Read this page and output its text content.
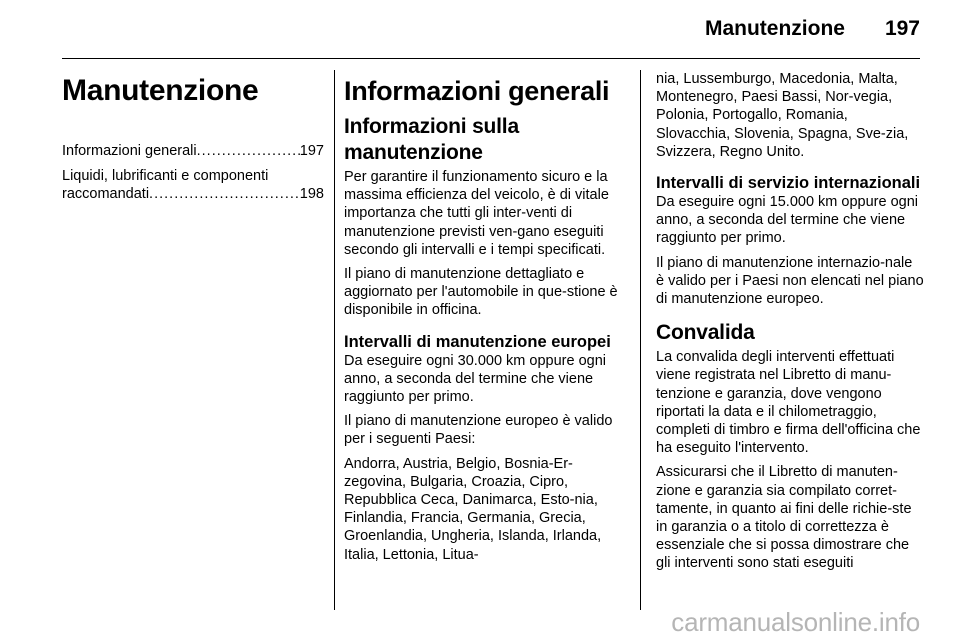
Manutenzione 197
Manutenzione
Informazioni generali .....	197
Liquidi, lubrificanti e componenti
raccomandati .....	198
Informazioni generali
Informazioni sulla manutenzione

Per garantire il funzionamento sicuro e la massima efficienza del veicolo, è di vitale importanza che tutti gli inter-venti di manutenzione previsti ven-gano eseguiti secondo gli intervalli e i tempi specificati.

Il piano di manutenzione dettagliato e aggiornato per l'automobile in que-stione è disponibile in officina.

Intervalli di manutenzione europei

Da eseguire ogni 30.000 km oppure ogni anno, a seconda del termine che viene raggiunto per primo.

Il piano di manutenzione europeo è valido per i seguenti Paesi:

Andorra, Austria, Belgio, Bosnia-Er-zegovina, Bulgaria, Croazia, Cipro, Repubblica Ceca, Danimarca, Esto-nia, Finlandia, Francia, Germania, Grecia, Groenlandia, Ungheria, Islanda, Irlanda, Italia, Lettonia, Litua-

nia, Lussemburgo, Macedonia, Malta, Montenegro, Paesi Bassi, Nor-vegia, Polonia, Portogallo, Romania, Slovacchia, Slovenia, Spagna, Sve-zia, Svizzera, Regno Unito.

Intervalli di servizio internazionali

Da eseguire ogni 15.000 km oppure ogni anno, a seconda del termine che viene raggiunto per primo.

Il piano di manutenzione internazio-nale è valido per i Paesi non elencati nel piano di manutenzione europeo.

Convalida

La convalida degli interventi effettuati viene registrata nel Libretto di manu-tenzione e garanzia, dove vengono riportati la data e il chilometraggio, completi di timbro e firma dell'officina che ha eseguito l'intervento.

Assicurarsi che il Libretto di manuten-zione e garanzia sia compilato corret-tamente, in quanto ai fini delle richie-ste in garanzia o a titolo di correttezza è essenziale che si possa dimostrare che gli interventi sono stati eseguiti

carmanualsonline.info
